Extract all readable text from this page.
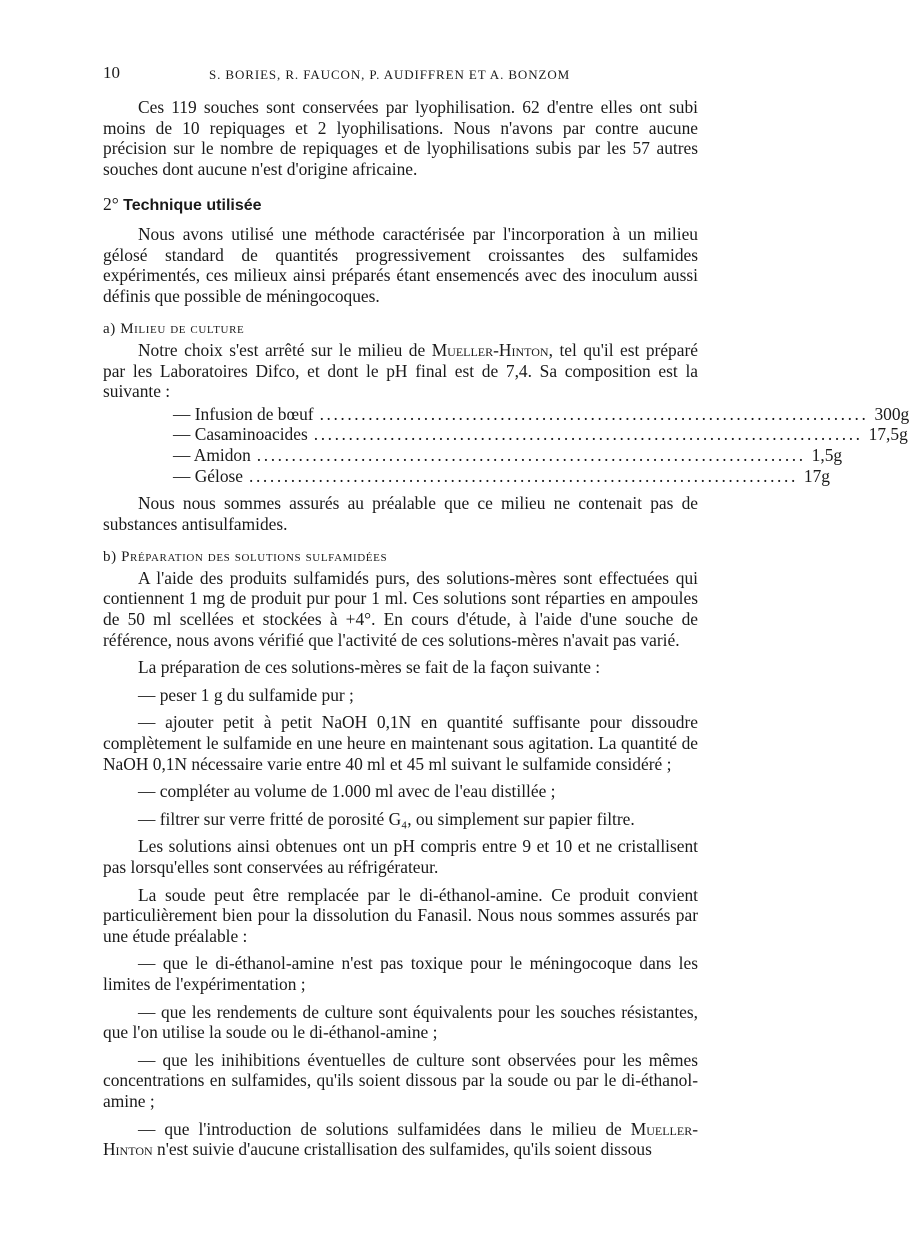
10	S. BORIES, R. FAUCON, P. AUDIFFREN ET A. BONZOM

Ces 119 souches sont conservées par lyophilisation. 62 d'entre elles ont subi moins de 10 repiquages et 2 lyophilisations. Nous n'avons par contre aucune précision sur le nombre de repiquages et de lyophilisations subis par les 57 autres souches dont aucune n'est d'origine africaine.

2° Technique utilisée

Nous avons utilisé une méthode caractérisée par l'incorporation à un milieu gélosé standard de quantités progressivement croissantes des sulfamides expérimentés, ces milieux ainsi préparés étant ensemencés avec des inoculum aussi définis que possible de méningocoques.

a) Milieu de culture

Notre choix s'est arrêté sur le milieu de Mueller-Hinton, tel qu'il est préparé par les Laboratoires Difco, et dont le pH final est de 7,4. Sa composition est la suivante :

— Infusion de bœuf ............................................................................... 300 g
— Casaminoacides ............................................................................... 17,5 g
— Amidon ............................................................................... 1,5 g
— Gélose ............................................................................... 17 g

Nous nous sommes assurés au préalable que ce milieu ne contenait pas de substances antisulfamides.

b) Préparation des solutions sulfamidées

A l'aide des produits sulfamidés purs, des solutions-mères sont effectuées qui contiennent 1 mg de produit pur pour 1 ml. Ces solutions sont réparties en ampoules de 50 ml scellées et stockées à +4°. En cours d'étude, à l'aide d'une souche de référence, nous avons vérifié que l'activité de ces solutions-mères n'avait pas varié.

La préparation de ces solutions-mères se fait de la façon suivante :

— peser 1 g du sulfamide pur ;

— ajouter petit à petit NaOH 0,1N en quantité suffisante pour dissoudre complètement le sulfamide en une heure en maintenant sous agitation. La quantité de NaOH 0,1N nécessaire varie entre 40 ml et 45 ml suivant le sulfamide considéré ;

— compléter au volume de 1.000 ml avec de l'eau distillée ;

— filtrer sur verre fritté de porosité G₄, ou simplement sur papier filtre.

Les solutions ainsi obtenues ont un pH compris entre 9 et 10 et ne cristallisent pas lorsqu'elles sont conservées au réfrigérateur.

La soude peut être remplacée par le di-éthanol-amine. Ce produit convient particulièrement bien pour la dissolution du Fanasil. Nous nous sommes assurés par une étude préalable :

— que le di-éthanol-amine n'est pas toxique pour le méningocoque dans les limites de l'expérimentation ;

— que les rendements de culture sont équivalents pour les souches résistantes, que l'on utilise la soude ou le di-éthanol-amine ;

— que les inihibitions éventuelles de culture sont observées pour les mêmes concentrations en sulfamides, qu'ils soient dissous par la soude ou par le di-éthanol-amine ;

— que l'introduction de solutions sulfamidées dans le milieu de Mueller-Hinton n'est suivie d'aucune cristallisation des sulfamides, qu'ils soient dissous
